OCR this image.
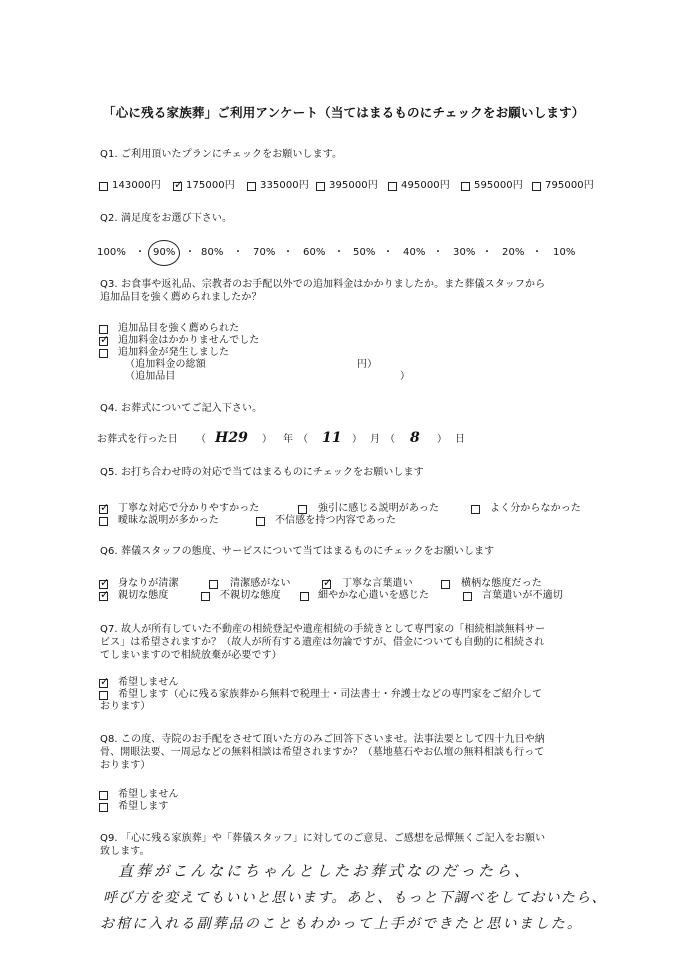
「心に残る家族葬」ご利用アンケート（当てはまるものにチェックをお願いします）
Q1. ご利用頂いたプランにチェックをお願いします。
143000円 ✓	175000円	335000円 395000円 495000円 595000円 795000円
Q2. 満足度をお選び下さい。
100% ・ 90% ・ 80% ・ 70% ・ 60% ・ 50% ・ 40% ・ 30% ・ 20% ・ 10%
Q3. お食事や返礼品、宗教者のお手配以外での追加料金はかかりましたか。また葬儀スタッフから
追加品目を強く薦められましたか？
追加品目を強く薦められた
✓
追加料金はかかりませんでした
追加料金が発生しました
（追加料金の総額	円）
（追加品目	）
Q4. お葬式についてご記入下さい。
お葬式を行った日 （ H29 ） 年 （ 11 ） 月 （ 8 ） 日
Q5. お打ち合わせ時の対応で当てはまるものにチェックをお願いします
✓
丁寧な対応で分かりやすかった	強引に感じる説明があった	よく分からなかった
曖昧な説明が多かった	不信感を持つ内容であった
Q6. 葬儀スタッフの態度、サービスについて当てはまるものにチェックをお願いします
✓
身なりが清潔	清潔感がない ✓	丁寧な言葉遣い	横柄な態度だった
✓
親切な態度	不親切な態度	細やかな心遣いを感じた	言葉遣いが不適切
Q7. 故人が所有していた不動産の相続登記や遺産相続の手続きとして専門家の「相続相談無料サー
ビス」は希望されますか？（故人が所有する遺産は勿論ですが、借金についても自動的に相続され
てしまいますので相続放棄が必要です）
✓
希望しません
希望します（心に残る家族葬から無料で税理士・司法書士・弁護士などの専門家をご紹介して
おります）
Q8. この度、寺院のお手配をさせて頂いた方のみご回答下さいませ。法事法要として四十九日や納
骨、開眼法要、一周忌などの無料相談は希望されますか？（墓地墓石やお仏壇の無料相談も行って
おります）
希望しません
希望します
Q9. 「心に残る家族葬」や「葬儀スタッフ」に対してのご意見、ご感想を忌憚無くご記入をお願い
致します。
直葬がこんなにちゃんとしたお葬式なのだったら、
呼び方を変えてもいいと思います。あと、もっと下調べをしておいたら、
お棺に入れる副葬品のこともわかって上手ができたと思いました。
